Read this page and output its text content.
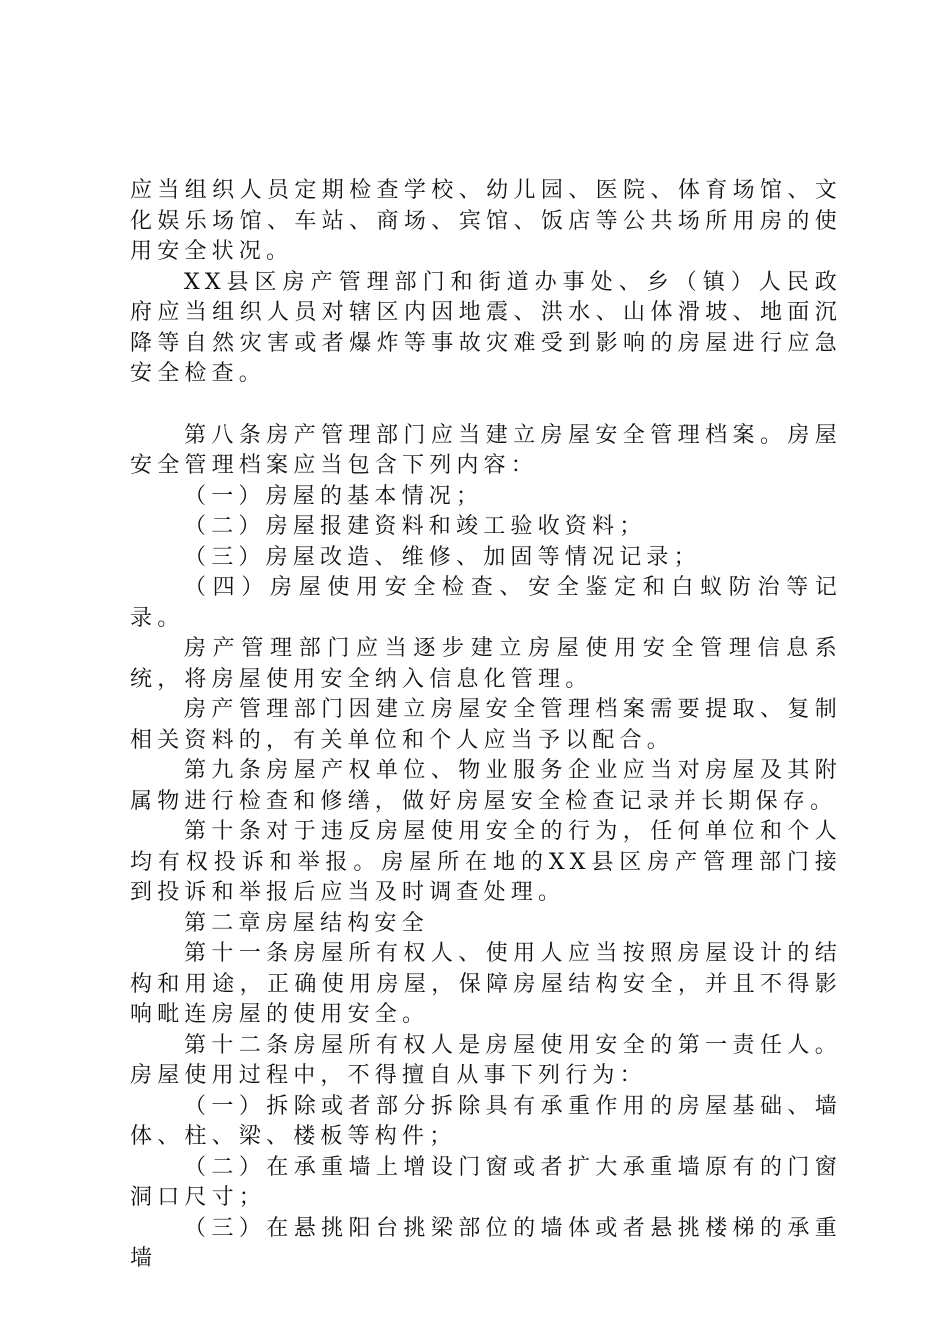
应当组织人员定期检查学校、幼儿园、医院、体育场馆、文化娱乐场馆、车站、商场、宾馆、饭店等公共场所用房的使用安全状况。

XX县区房产管理部门和街道办事处、乡（镇）人民政府应当组织人员对辖区内因地震、洪水、山体滑坡、地面沉降等自然灾害或者爆炸等事故灾难受到影响的房屋进行应急安全检查。

第八条房产管理部门应当建立房屋安全管理档案。房屋安全管理档案应当包含下列内容：

（一）房屋的基本情况；

（二）房屋报建资料和竣工验收资料；

（三）房屋改造、维修、加固等情况记录；

（四）房屋使用安全检查、安全鉴定和白蚁防治等记录。

房产管理部门应当逐步建立房屋使用安全管理信息系统，将房屋使用安全纳入信息化管理。

房产管理部门因建立房屋安全管理档案需要提取、复制相关资料的，有关单位和个人应当予以配合。

第九条房屋产权单位、物业服务企业应当对房屋及其附属物进行检查和修缮，做好房屋安全检查记录并长期保存。

第十条对于违反房屋使用安全的行为，任何单位和个人均有权投诉和举报。房屋所在地的XX县区房产管理部门接到投诉和举报后应当及时调查处理。

第二章房屋结构安全

第十一条房屋所有权人、使用人应当按照房屋设计的结构和用途，正确使用房屋，保障房屋结构安全，并且不得影响毗连房屋的使用安全。

第十二条房屋所有权人是房屋使用安全的第一责任人。房屋使用过程中，不得擅自从事下列行为：

（一）拆除或者部分拆除具有承重作用的房屋基础、墙体、柱、梁、楼板等构件；

（二）在承重墙上增设门窗或者扩大承重墙原有的门窗洞口尺寸；

（三）在悬挑阳台挑梁部位的墙体或者悬挑楼梯的承重墙
